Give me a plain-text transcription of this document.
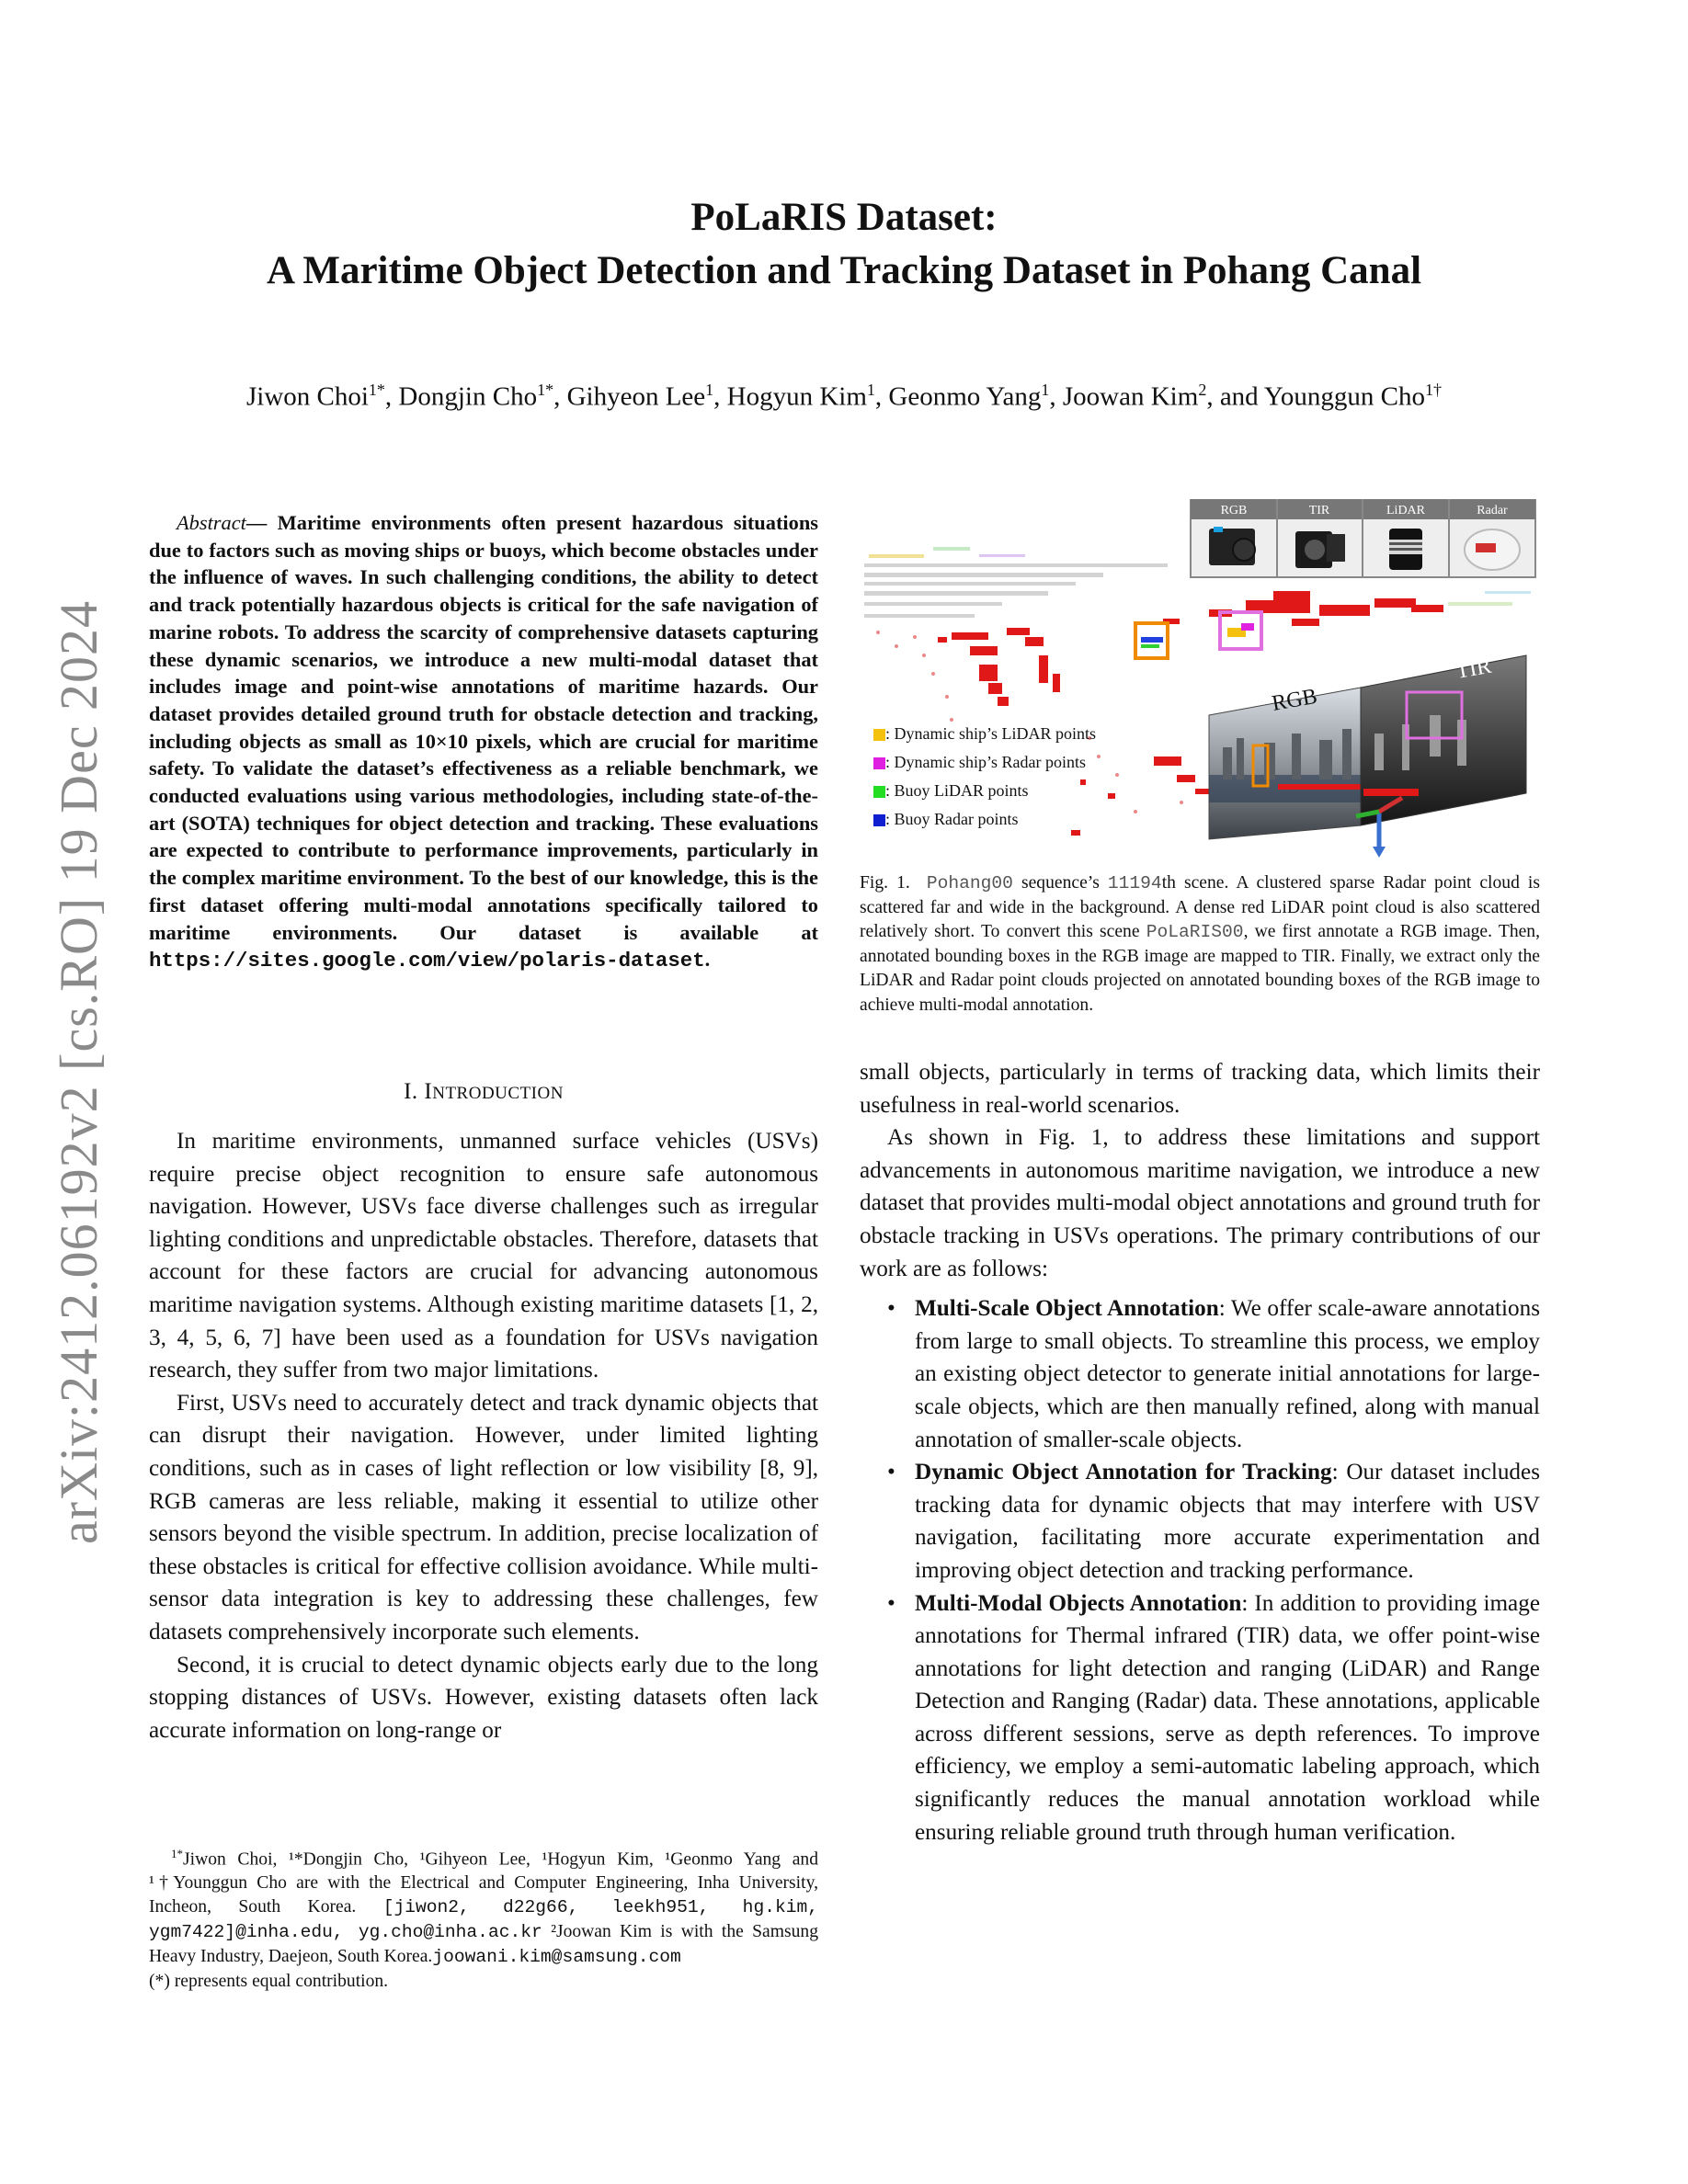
PoLaRIS Dataset:
A Maritime Object Detection and Tracking Dataset in Pohang Canal
Jiwon Choi$^{1*}$, Dongjin Cho$^{1*}$, Gihyeon Lee$^1$, Hogyun Kim$^1$, Geonmo Yang$^1$, Joowan Kim$^2$, and Younggun Cho$^{1\dagger}$
arXiv:2412.06192v2 [cs.RO] 19 Dec 2024
Abstract— Maritime environments often present hazardous situations due to factors such as moving ships or buoys, which become obstacles under the influence of waves. In such challenging conditions, the ability to detect and track potentially hazardous objects is critical for the safe navigation of marine robots. To address the scarcity of comprehensive datasets capturing these dynamic scenarios, we introduce a new multi-modal dataset that includes image and point-wise annotations of maritime hazards. Our dataset provides detailed ground truth for obstacle detection and tracking, including objects as small as 10×10 pixels, which are crucial for maritime safety. To validate the dataset’s effectiveness as a reliable benchmark, we conducted evaluations using various methodologies, including state-of-the-art (SOTA) techniques for object detection and tracking. These evaluations are expected to contribute to performance improvements, particularly in the complex maritime environment. To the best of our knowledge, this is the first dataset offering multi-modal annotations specifically tailored to maritime environments. Our dataset is available at https://sites.google.com/view/polaris-dataset.
I. INTRODUCTION

In maritime environments, unmanned surface vehicles (USVs) require precise object recognition to ensure safe autonomous navigation. However, USVs face diverse challenges such as irregular lighting conditions and unpredictable obstacles. Therefore, datasets that account for these factors are crucial for advancing autonomous maritime navigation systems. Although existing maritime datasets [1, 2, 3, 4, 5, 6, 7] have been used as a foundation for USVs navigation research, they suffer from two major limitations.

First, USVs need to accurately detect and track dynamic objects that can disrupt their navigation. However, under limited lighting conditions, such as in cases of light reflection or low visibility [8, 9], RGB cameras are less reliable, making it essential to utilize other sensors beyond the visible spectrum. In addition, precise localization of these obstacles is critical for effective collision avoidance. While multi-sensor data integration is key to addressing these challenges, few datasets comprehensively incorporate such elements.

Second, it is crucial to detect dynamic objects early due to the long stopping distances of USVs. However, existing datasets often lack accurate information on long-range or

$^{1*}$Jiwon Choi, ¹*Dongjin Cho, ¹Gihyeon Lee, ¹Hogyun Kim, ¹Geonmo Yang and ¹†Younggun Cho are with the Electrical and Computer Engineering, Inha University, Incheon, South Korea. [jiwon2, d22g66, leekh951, hg.kim, ygm7422]@inha.edu, yg.cho@inha.ac.kr ²Joowan Kim is with the Samsung Heavy Industry, Daejeon, South Korea.joowani.kim@samsung.com

(*) represents equal contribution.

RGB
TIR
RGB	TIR	LiDAR	Radar
: Dynamic ship’s LiDAR points
: Dynamic ship’s Radar points
: Buoy LiDAR points
: Buoy Radar points
Fig. 1. Pohang00 sequence’s 11194th scene. A clustered sparse Radar point cloud is scattered far and wide in the background. A dense red LiDAR point cloud is also scattered relatively short. To convert this scene PoLaRIS00, we first annotate a RGB image. Then, annotated bounding boxes in the RGB image are mapped to TIR. Finally, we extract only the LiDAR and Radar point clouds projected on annotated bounding boxes of the RGB image to achieve multi-modal annotation.

small objects, particularly in terms of tracking data, which limits their usefulness in real-world scenarios.

As shown in Fig. 1, to address these limitations and support advancements in autonomous maritime navigation, we introduce a new dataset that provides multi-modal object annotations and ground truth for obstacle tracking in USVs operations. The primary contributions of our work are as follows:

• Multi-Scale Object Annotation: We offer scale-aware annotations from large to small objects. To streamline this process, we employ an existing object detector to generate initial annotations for large-scale objects, which are then manually refined, along with manual annotation of smaller-scale objects.
• Dynamic Object Annotation for Tracking: Our dataset includes tracking data for dynamic objects that may interfere with USV navigation, facilitating more accurate experimentation and improving object detection and tracking performance.
• Multi-Modal Objects Annotation: In addition to providing image annotations for Thermal infrared (TIR) data, we offer point-wise annotations for light detection and ranging (LiDAR) and Range Detection and Ranging (Radar) data. These annotations, applicable across different sessions, serve as depth references. To improve efficiency, we employ a semi-automatic labeling approach, which significantly reduces the manual annotation workload while ensuring reliable ground truth through human verification.
